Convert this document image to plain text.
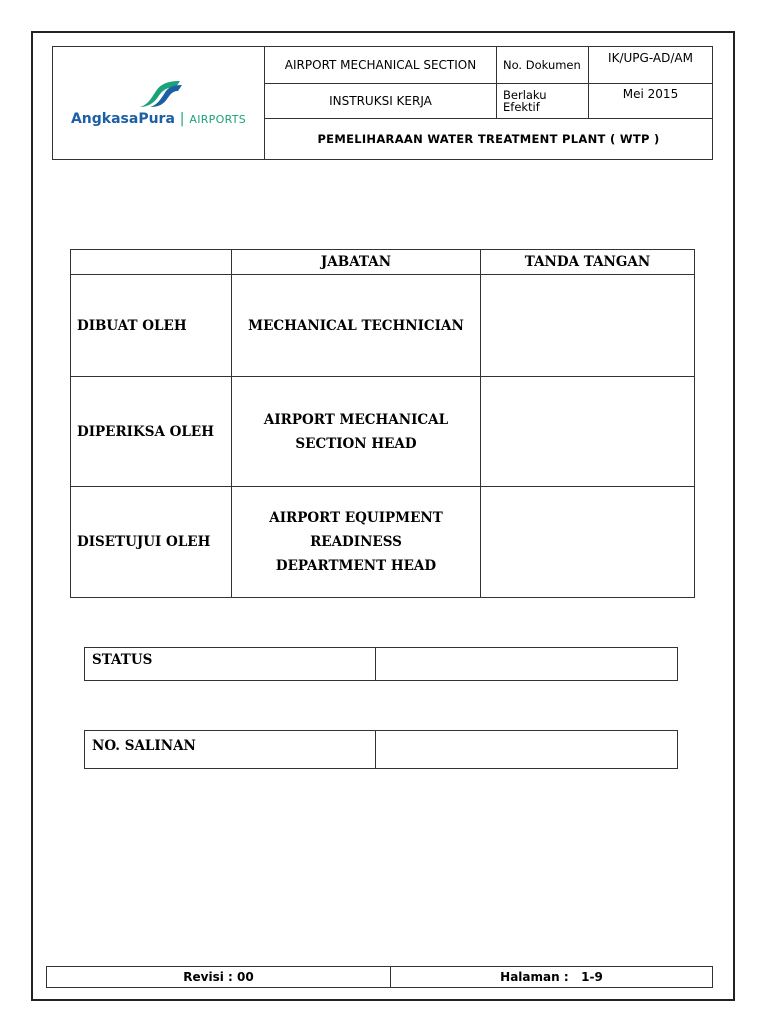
AngkasaPura | AIRPORTS	AIRPORT MECHANICAL SECTION	No. Dokumen	IK/UPG-AD/AM
	INSTRUKSI KERJA	Berlaku Efektif	Mei 2015
	PEMELIHARAAN WATER TREATMENT PLANT ( WTP )		
	JABATAN	TANDA TANGAN
DIBUAT OLEH	MECHANICAL TECHNICIAN	

DIPERIKSA OLEH	AIRPORT MECHANICAL
SECTION HEAD	

DISETUJUI OLEH	AIRPORT EQUIPMENT READINESS
DEPARTMENT HEAD	

STATUS	
NO. SALINAN	
Revisi : 00	Halaman :   1-9
